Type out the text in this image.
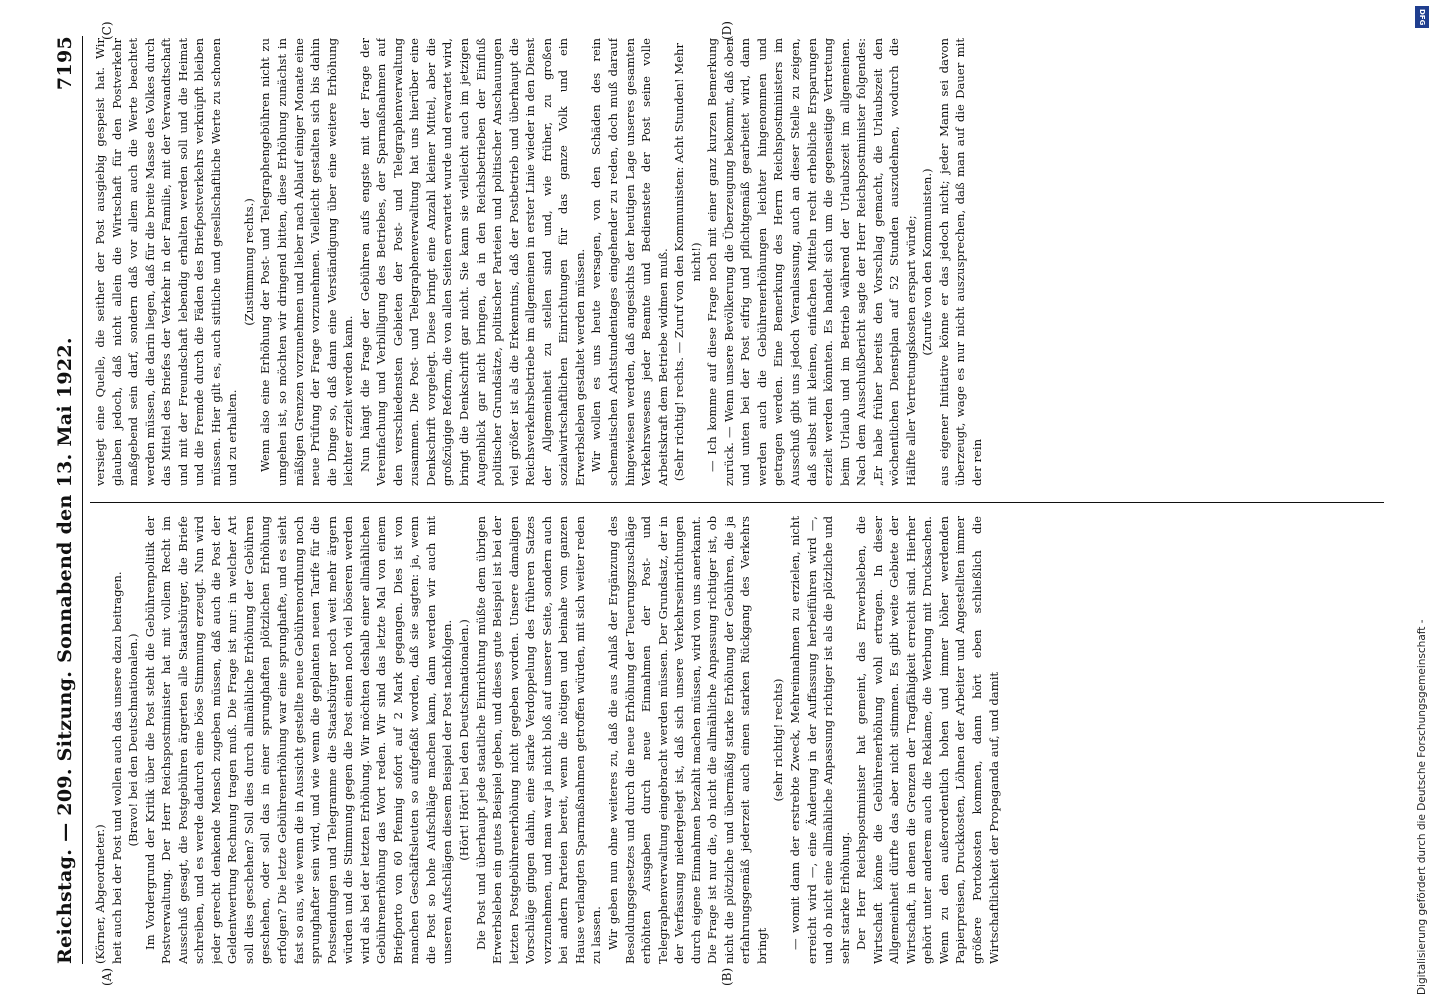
Reichstag. — 209. Sitzung.
Sonnabend den 13. Mai 1922.
7195
(A)	(B)
(C)	(D)

(Körner, Abgeordneter.) heit auch bei der Post und wollen auch das unsere dazu beitragen. (Bravo! bei den Deutschnationalen.) Im Vordergrund der Kritik über die Post steht die Gebührenpolitik der Postverwaltung. Der Herr Reichspostminister hat mit vollem Recht im Ausschuß gesagt, die Postgebühren ärgerten alle Staatsbürger, die Briefe schreiben, und es werde dadurch eine böse Stimmung erzeugt. Nun wird jeder gerecht denkende Mensch zugeben müssen, daß auch die Post der Geldentwertung Rechnung tragen muß. Die Frage ist nur: in welcher Art soll dies geschehen? Soll dies durch allmähliche Erhöhung der Gebühren geschehen, oder soll das in einer sprunghaften plötzlichen Erhöhung erfolgen? Die letzte Gebührenerhöhung war eine sprunghafte, und es sieht fast so aus, wie wenn die in Aussicht gestellte neue Gebührenordnung noch sprunghafter sein wird, und wie wenn die geplanten neuen Tarife für die Postsendungen und Telegramme die Staatsbürger noch weit mehr ärgern würden und die Stimmung gegen die Post einen noch viel böseren werden wird als bei der letzten Erhöhung. Wir möchten deshalb einer allmählichen Gebührenerhöhung das Wort reden. Wir sind das letzte Mal von einem Briefporto von 60 Pfennig sofort auf 2 Mark gegangen. Dies ist von manchen Geschäftsleuten so aufgefaßt worden, daß sie sagten: ja, wenn die Post so hohe Aufschläge machen kann, dann werden wir auch mit unseren Aufschlägen diesem Beispiel der Post nachfolgen. (Hört! Hört! bei den Deutschnationalen.) Die Post und überhaupt jede staatliche Einrichtung müßte dem übrigen Erwerbsleben ein gutes Beispiel geben, und dieses gute Beispiel ist bei der letzten Postgebührenerhöhung nicht gegeben worden. Unsere damaligen Vorschläge gingen dahin, eine starke Verdoppelung des früheren Satzes vorzunehmen, und man war ja nicht bloß auf unserer Seite, sondern auch bei andern Parteien bereit, wenn die nötigen und beinahe vom ganzen Hause verlangten Sparmaßnahmen getroffen würden, mit sich weiter reden zu lassen. Wir geben nun ohne weiteres zu, daß die aus Anlaß der Ergänzung des Besoldungsgesetzes und durch die neue Erhöhung der Teuerungszuschläge erhöhten Ausgaben durch neue Einnahmen der Post- und Telegraphenverwaltung eingebracht werden müssen. Der Grundsatz, der in der Verfassung niedergelegt ist, daß sich unsere Verkehrseinrichtungen durch eigene Einnahmen bezahlt machen müssen, wird von uns anerkannt. Die Frage ist nur die, ob nicht die allmähliche Anpassung richtiger ist, ob nicht die plötzliche und übermäßig starke Erhöhung der Gebühren, die ja erfahrungsgemäß jederzeit auch einen starken Rückgang des Verkehrs bringt

(sehr richtig! rechts) — womit dann der erstrebte Zweck, Mehreinnahmen zu erzielen, nicht erreicht wird —, eine Änderung in der Auffassung herbeiführen wird —, und ob nicht eine allmähliche Anpassung richtiger ist als die plötzliche und sehr starke Erhöhung. Der Herr Reichspostminister hat gemeint, das Erwerbsleben, die Wirtschaft könne die Gebührenerhöhung wohl ertragen. In dieser Allgemeinheit dürfte das aber nicht stimmen. Es gibt weite Gebiete der Wirtschaft, in denen die Grenzen der Tragfähigkeit erreicht sind. Hierher gehört unter anderem auch die Reklame, die Werbung mit Drucksachen. Wenn zu den außerordentlich hohen und immer höher werdenden Papierpreisen, Druckkosten, Löhnen der Arbeiter und Angestellten immer größere Portokosten kommen, dann hört eben schließlich die Wirtschaftlichkeit der Propaganda auf, und damit

versiegt eine Quelle, die seither der Post ausgiebig gespeist hat. Wir glauben jedoch, daß nicht allein die Wirtschaft für den Postverkehr maßgebend sein darf, sondern daß vor allem auch die Werte beachtet werden müssen, die darin liegen, daß für die breite Masse des Volkes durch das Mittel des Briefes der Verkehr in der Familie, mit der Verwandtschaft und mit der Freundschaft lebendig erhalten werden soll und die Heimat und die Fremde durch die Fäden des Briefpostverkehrs verknüpft bleiben müssen. Hier gilt es, auch sittliche und gesellschaftliche Werte zu schonen und zu erhalten.

(Zustimmung rechts.) Wenn also eine Erhöhung der Post- und Telegraphengebühren nicht zu umgehen ist, so möchten wir dringend bitten, diese Erhöhung zunächst in mäßigen Grenzen vorzunehmen und lieber nach Ablauf einiger Monate eine neue Prüfung der Frage vorzunehmen. Vielleicht gestalten sich bis dahin die Dinge so, daß dann eine Verständigung über eine weitere Erhöhung leichter erzielt werden kann. Nun hängt die Frage der Gebühren aufs engste mit der Frage der Vereinfachung und Verbilligung des Betriebes, der Sparmaßnahmen auf den verschiedensten Gebieten der Post- und Telegraphenverwaltung zusammen. Die Post- und Telegraphenverwaltung hat uns hierüber eine Denkschrift vorgelegt. Diese bringt eine Anzahl kleiner Mittel, aber die großzügige Reform, die von allen Seiten erwartet wurde und erwartet wird, bringt die Denkschrift gar nicht. Sie kann sie vielleicht auch im jetzigen Augenblick gar nicht bringen, da in den Reichsbetrieben der Einfluß politischer Grundsätze, politischer Parteien und politischer Anschauungen viel größer ist als die Erkenntnis, daß der Postbetrieb und überhaupt die Reichsverkehrsbetriebe im allgemeinen in erster Linie wieder in den Dienst der Allgemeinheit zu stellen sind und, wie früher, zu großen sozialwirtschaftlichen Einrichtungen für das ganze Volk und ein Erwerbsleben gestaltet werden müssen. Wir wollen es uns heute versagen, von den Schäden des rein schematischen Achtstundentages eingehender zu reden, doch muß darauf hingewiesen werden, daß angesichts der heutigen Lage unseres gesamten Verkehrswesens jeder Beamte und Bedienstete der Post seine volle Arbeitskraft dem Betriebe widmen muß. (Sehr richtig! rechts. — Zuruf von den Kommunisten: Acht Stunden! Mehr nicht!) — Ich komme auf diese Frage noch mit einer ganz kurzen Bemerkung zurück. — Wenn unsere Bevölkerung die Überzeugung bekommt, daß oben und unten bei der Post eifrig und pflichtgemäß gearbeitet wird, dann werden auch die Gebührenerhöhungen leichter hingenommen und getragen werden. Eine Bemerkung des Herrn Reichspostministers im Ausschuß gibt uns jedoch Veranlassung, auch an dieser Stelle zu zeigen, daß selbst mit kleinen, einfachen Mitteln recht erhebliche Ersparungen erzielt werden könnten. Es handelt sich um die gegenseitige Vertretung beim Urlaub und im Betrieb während der Urlaubszeit im allgemeinen. Nach dem Ausschußbericht sagte der Herr Reichspostminister folgendes: „Er habe früher bereits den Vorschlag gemacht, die Urlaubszeit den wöchentlichen Dienstplan auf 52 Stunden auszudehnen, wodurch die Hälfte aller Vertretungskosten erspart würde; (Zurufe von den Kommunisten.) aus eigener Initiative könne er das jedoch nicht; jeder Mann sei davon überzeugt, wage es nur nicht auszusprechen, daß man auf die Dauer mit der rein

DFG
Digitalisierung gefördert durch die Deutsche Forschungsgemeinschaft -
